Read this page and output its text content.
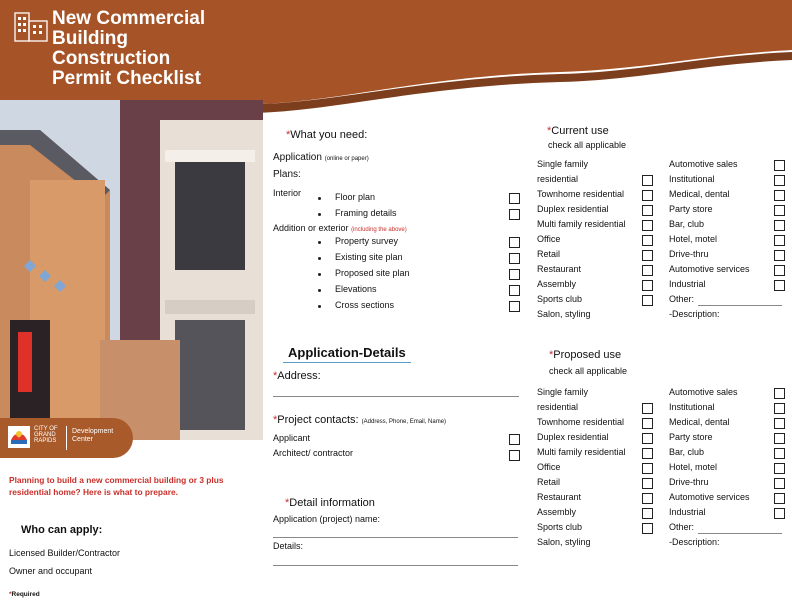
New Commercial
Building
Construction
Permit Checklist
CITY OF GRAND RAPIDS
Development Center
Planning to build a new commercial building or 3 plus residential home? Here is what to prepare.
Who can apply:
Licensed Builder/Contractor
Owner and occupant
*Required
*What you need:
Application (online or paper)
Plans:
Interior	Floor plan
Framing details
Addition or exterior (including the above)
Property survey
Existing site plan
Proposed site plan
Elevations
Cross sections
Application-Details
*Address:
*Project contacts: (Address, Phone, Email, Name)
Applicant
Architect/ contractor
*Detail information
Application (project) name:
Details:
*Current use
check all applicable
Single family	Automotive sales
residential	Institutional
Townhome residential	Medical, dental
Duplex residential	Party store
Multi family residential	Bar, club
Office	Hotel, motel
Retail	Drive-thru
Restaurant	Automotive services
Assembly	Industrial
Sports club	Other:
Salon, styling	-Description:
*Proposed use
check all applicable
Single family	Automotive sales
residential	Institutional
Townhome residential	Medical, dental
Duplex residential	Party store
Multi family residential	Bar, club
Office	Hotel, motel
Retail	Drive-thru
Restaurant	Automotive services
Assembly	Industrial
Sports club	Other:
Salon, styling	-Description:
